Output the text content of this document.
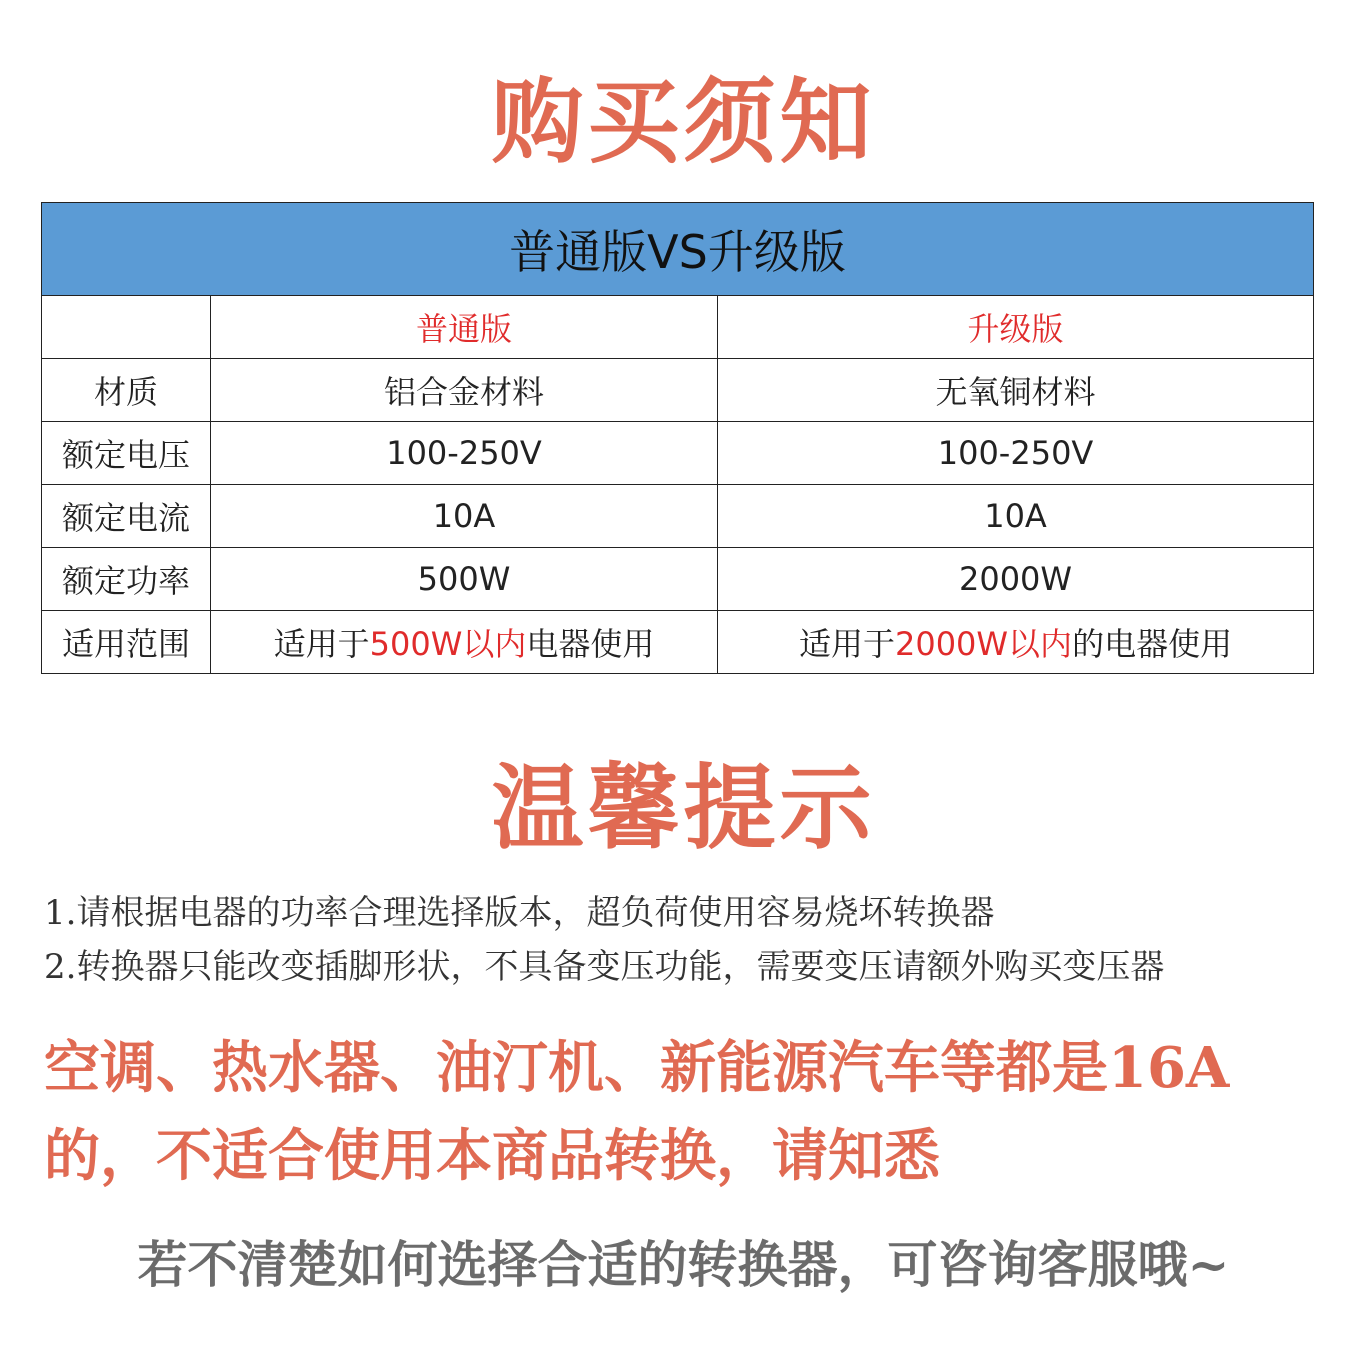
购买须知
普通版VS升级版		
	普通版	升级版
材质	铝合金材料	无氧铜材料
额定电压	100-250V	100-250V
额定电流	10A	10A
额定功率	500W	2000W
适用范围	适用于500W以内电器使用	适用于2000W以内的电器使用
温馨提示

1.请根据电器的功率合理选择版本，超负荷使用容易烧坏转换器

2.转换器只能改变插脚形状，不具备变压功能，需要变压请额外购买变压器

空调、热水器、油汀机、新能源汽车等都是16A

的，不适合使用本商品转换，请知悉

若不清楚如何选择合适的转换器，可咨询客服哦~
